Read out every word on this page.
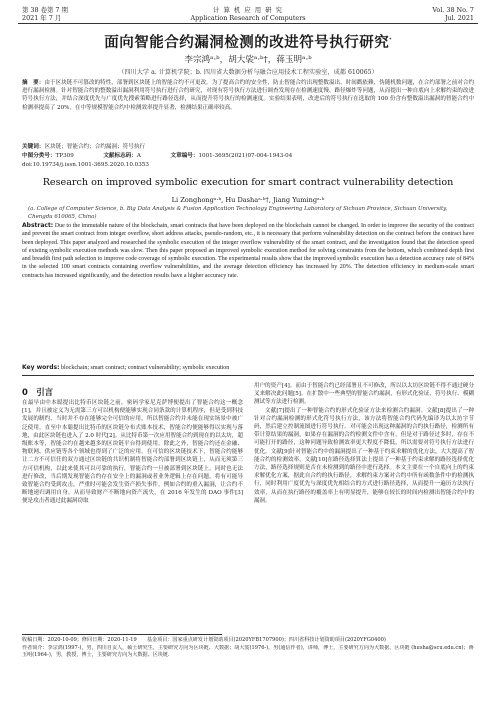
第 38 卷第 7 期
2021 年 7 月
计 算 机 应 用 研 究
Application Research of Computers
Vol. 38 No. 7
Jul. 2021
面向智能合约漏洞检测的改进符号执行研究*
李宗鸿ᵃ·ᵇ，胡大裟ᵃ·ᵇ†，蒋玉明ᵃ·ᵇ
（四川大学 a. 计算机学院；b. 四川省大数据分析与融合应用技术工程实验室，成都 610065）
摘　要：由于区块链不可篡改的特性，部署到区块链上的智能合约不可更改。为了提高合约的安全性，防止智能合约出现整数溢出、时间戳依赖、伪随机数问题，在合约部署之前对合约进行漏洞检测。针对智能合约的整数溢出漏洞利用符号执行进行合约研究，对现有符号执行方法进行调查发现存在检测速度慢、路径爆炸等问题，从而提出一种自底向上求解约束的改进符号执行方法，并结合深度优先与广度优先搜索策略进行路径选择，从而提升符号执行的检测速度。实验结果表明，改进后的符号执行在选取的 100 份含有整数溢出漏洞的智能合约中检测率提高了 20%，在中等规模智能合约中检测效率提升显著，检测结果正确率较高。
关键词：区块链；智能合约；合约漏洞；符号执行
中图分类号：TP309	文献标志码：A	文章编号：1001-3695(2021)07-004-1943-04
doi:10.19734/j.issn.1001-3695.2020.10.0353
Research on improved symbolic execution for smart contract vulnerability detection
Li Zonghongᵃ·ᵇ, Hu Dashaᵃ·ᵇ†, Jiang Yumingᵃ·ᵇ
(a. College of Computer Science, b. Big Data Analysis & Fusion Application Technology Engineering Laboratory of Sichuan Province, Sichuan University, Chengdu 610065, China)
Abstract: Due to the immutable nature of the blockchain, smart contracts that have been deployed on the blockchain cannot be changed. In order to improve the security of the contract and prevent the smart contract from integer overflow, short address attacks, pseudo-random, etc., it is necessary that perform vulnerability detection on the contract before the contract have been deployed. This paper analyzed and researched the symbolic execution of the integer overflow vulnerability of the smart contract, and the investigation found that the detection speed of existing symbolic execution methods was slow. Then this paper proposed an improved symbolic execution method for solving constraints from the bottom, which combined depth first and breadth first path selection to improve code coverage of symbolic execution. The experimental results show that the improved symbolic execution has a detection accuracy rate of 84% in the selected 100 smart contracts containing overflow vulnerabilities, and the average detection efficiency has increased by 20%. The detection efficiency in medium-scale smart contracts has increased significantly, and the detection results have a higher accuracy rate.
Key words: blockchain; smart contract; contract vulnerability; symbolic execution
0　引言
在最早由中本聪提出比特币区块链之前，密码学家尼克萨博便提出了智能合约这一概念[1]，并且被定义为无需第三方可以机构便能够实现合同条款的计算机程序，但是受到科技发展的制约，当时并不存在能够完全可信的应用，所以智能合约并未能在现实场景中被广泛使用。直至中本聪提出比特币的区块链分布式账本技术，智能合约便能够得以实现与落地，由此区块链也进入了 2.0 时代[2]。从比特币第一次应用智能合约到现在的以太坊，超级账本等，智能合约在越来越多的区块链平台得到使用。除此之外，智能合约还在金融、物联网、供应链等各个领域也得到了广泛的应用。在可信的区块链技术下，智能合约能够让二方不可信任的双方通过区块链的共识机制将智能合约部署到区块链上，从而无须第三方可信机构，以此来使其可以可靠的执行，智能合约一旦被部署到区块链上，同时也无法进行修改，当后期发现智能合约存在安全上的漏洞或者业务逻辑上存在问题，将有可能导致智能合约受到攻击，严重时可能会发生资产损失事件，例如合约的重入漏洞，让合约不断地递归调用自身，从而导致财产不断地向资产流失，在 2016 年发生的 DAO 事件[3] 便是攻击者通过此漏洞窃取
用户的资产[4]。而由于智能合约已经部署且不可修改，所以以太坊区块链不得不通过硬分叉来解决此问题[5]。在扩散中一些典型的智能合约漏洞，有形式化验证、符号执行、模糊测试等方法进行检测。
文献[7]提出了一种智能合约的形式化验证方法来检测合约漏洞。文献[8]提出了一种针对合约漏洞检测的形式化符号执行方法，该方法将智能合约代码先编译为以太坊字节码，然后建立控制流图进行符号执行。对可能会出现这种漏洞的合约执行路径，检测所有带计算结果的漏洞，如果存在漏洞的合约检测文件中含有，但是对于路径过多时，存在不可能打开的路径，这种问题导致检测效率更大程度不降低，所以需要对符号执行方法进行优化。文献[9]针对智能合约中的漏洞提出了一种基于约束求解的优化方法，大大提高了智能合约的检测效率，文献[10]在路径选择算法上提出了一种基于约束求解的路径选择优化方法，路径选择规则是否在未检测到的路径中进行选择。本文主要在一个自底向上的约束求解优化方案，据此自合约的执行路径，求解约束方案对合约中所有函数条件中的检测执行，同时利用广度优先与深度优先相结合的方式进行路径选择，从而提升一遍历方法执行效率，从而在执行路径的覆盖率上有明显提升，能够在较长的时间内检测出智能合约中的漏洞。
收稿日期：2020-10-09；修回日期：2020-11-19　　基金项目：国家重点研发计划资助项目(2020YFB1707900)；四川省科技计划资助项目(2020YFG0400)
作者简介：李宗鸿(1997-)，男，四川自贡人，硕士研究生，主要研究方向为区块链、大数据；胡大裟(1976-)，男(通信作者)，讲师，博士，主要研究方向为大数据、区块链 (husha@scu.edu.cn)；蒋玉明(1964-)，男，教授，博士，主要研究方向为大数据、区块链.
